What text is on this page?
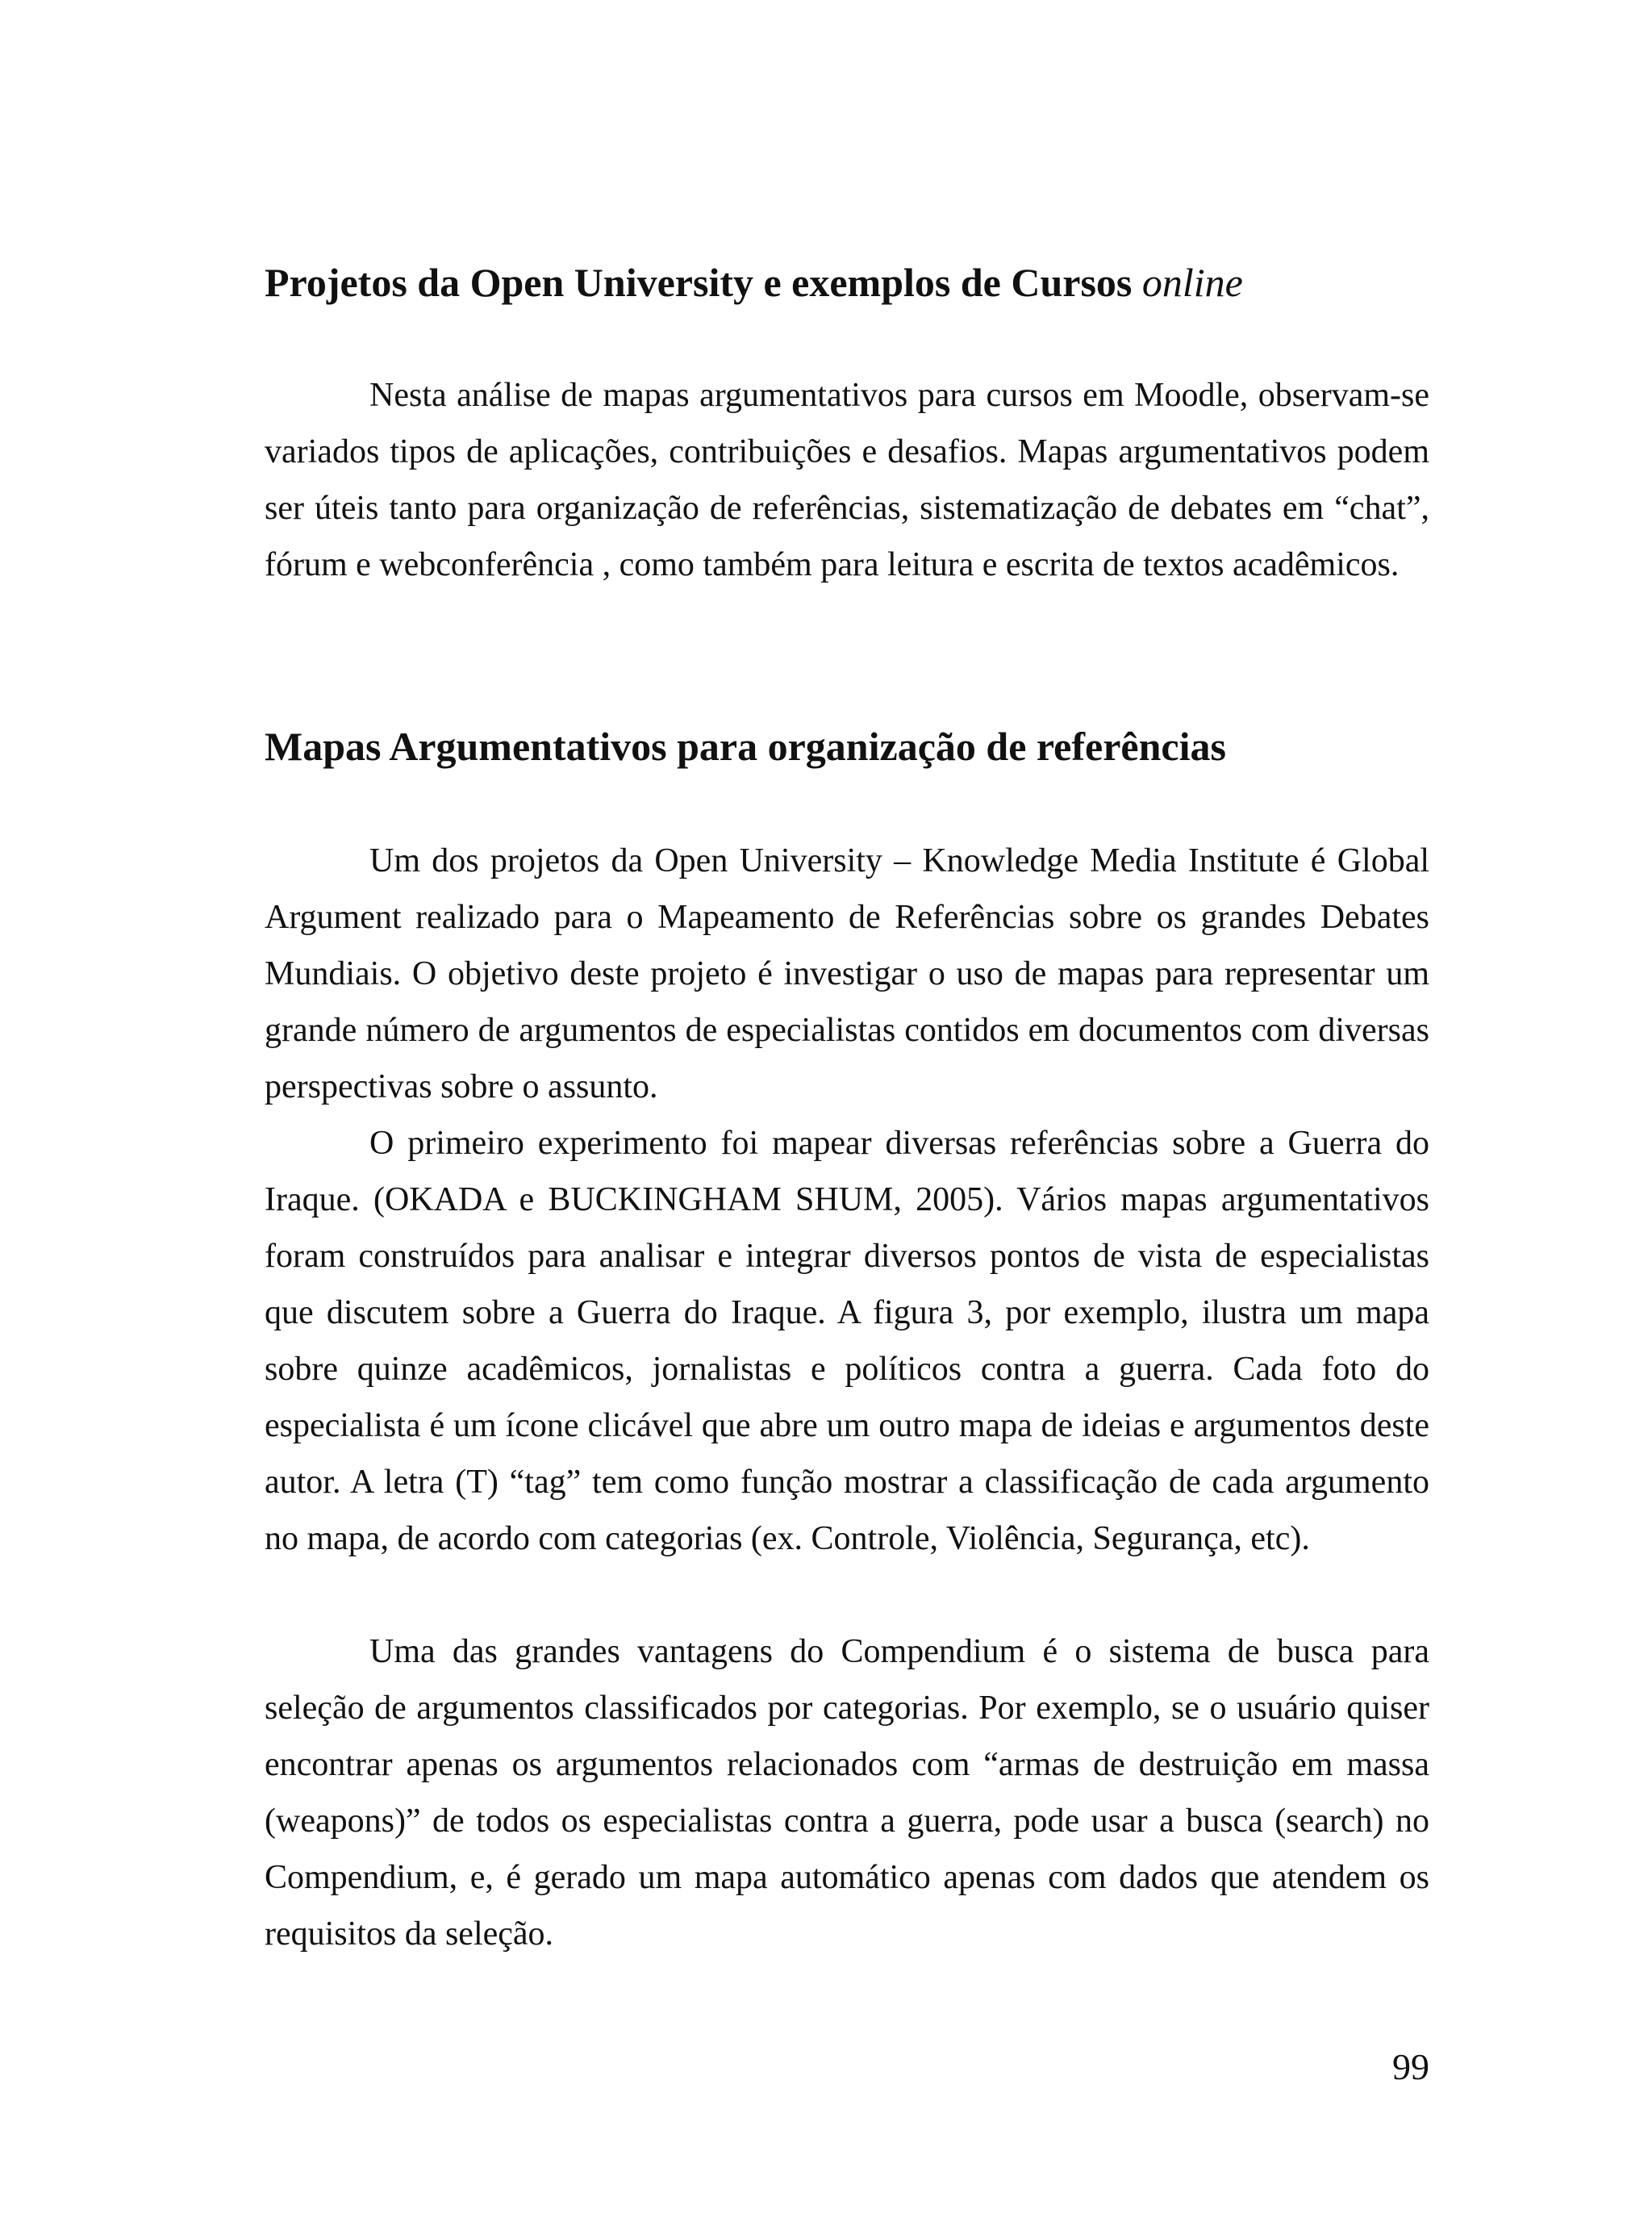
Projetos da Open University e exemplos de Cursos online

Nesta análise de mapas argumentativos para cursos em Moodle, observam-se variados tipos de aplicações, contribuições e desafios. Mapas argumentativos podem ser úteis tanto para organização de referências, sistematização de debates em “chat”, fórum e webconferência , como também para leitura e escrita de textos acadêmicos.

Mapas Argumentativos para organização de referências

Um dos projetos da Open University – Knowledge Media Institute é Global Argument realizado para o Mapeamento de Referências sobre os grandes Debates Mundiais. O objetivo deste projeto é investigar o uso de mapas para representar um grande número de argumentos de especialistas contidos em documentos com diversas perspectivas sobre o assunto.

O primeiro experimento foi mapear diversas referências sobre a Guerra do Iraque. (OKADA e BUCKINGHAM SHUM, 2005). Vários mapas argumentativos foram construídos para analisar e integrar diversos pontos de vista de especialistas que discutem sobre a Guerra do Iraque. A figura 3, por exemplo, ilustra um mapa sobre quinze acadêmicos, jornalistas e políticos contra a guerra. Cada foto do especialista é um ícone clicável que abre um outro mapa de ideias e argumentos deste autor. A letra (T) “tag” tem como função mostrar a classificação de cada argumento no mapa, de acordo com categorias (ex. Controle, Violência, Segurança, etc).

Uma das grandes vantagens do Compendium é o sistema de busca para seleção de argumentos classificados por categorias. Por exemplo, se o usuário quiser encontrar apenas os argumentos relacionados com “armas de destruição em massa (weapons)” de todos os especialistas contra a guerra, pode usar a busca (search) no Compendium, e, é gerado um mapa automático apenas com dados que atendem os requisitos da seleção.

99
